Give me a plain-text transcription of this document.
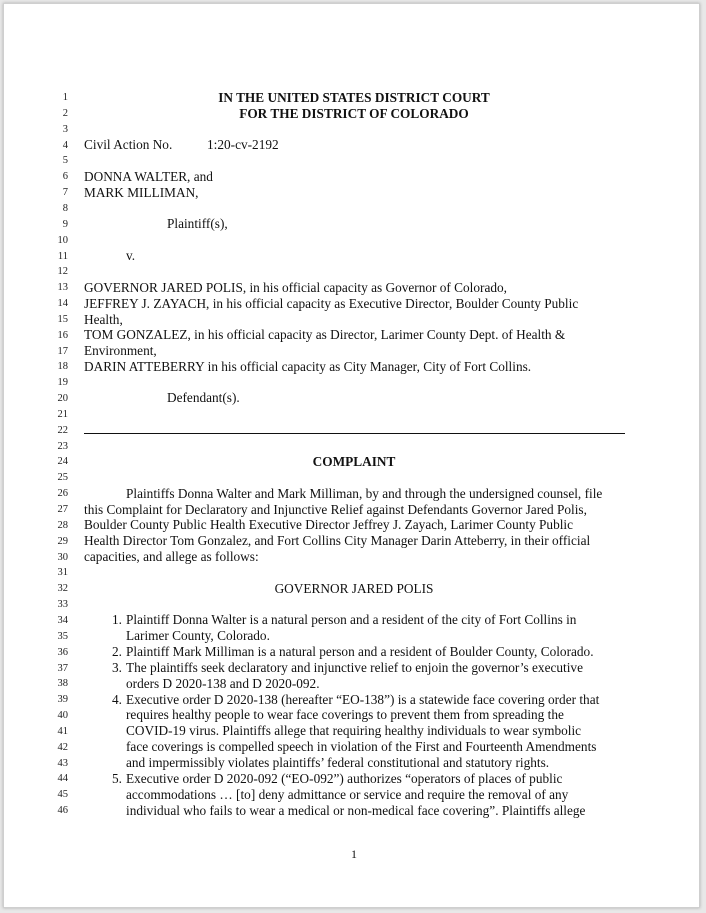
1
2
3
4
5
6
7
8
9
10
11
12
13
14
15
16
17
18
19
20
21
22
23
24
25
26
27
28
29
30
31
32
33
34
35
36
37
38
39
40
41
42
43
44
45
46
IN THE UNITED STATES DISTRICT COURT
FOR THE DISTRICT OF COLORADO
Civil Action No.	1:20-cv-2192
DONNA WALTER, and
MARK MILLIMAN,
Plaintiff(s),
v.
GOVERNOR JARED POLIS, in his official capacity as Governor of Colorado,
JEFFREY J. ZAYACH, in his official capacity as Executive Director, Boulder County Public
Health,
TOM GONZALEZ, in his official capacity as Director, Larimer County Dept. of Health &
Environment,
DARIN ATTEBERRY in his official capacity as City Manager, City of Fort Collins.
Defendant(s).
COMPLAINT
Plaintiffs Donna Walter and Mark Milliman, by and through the undersigned counsel, file
this Complaint for Declaratory and Injunctive Relief against Defendants Governor Jared Polis,
Boulder County Public Health Executive Director Jeffrey J. Zayach, Larimer County Public
Health Director Tom Gonzalez, and Fort Collins City Manager Darin Atteberry, in their official
capacities, and allege as follows:
GOVERNOR JARED POLIS
1. Plaintiff Donna Walter is a natural person and a resident of the city of Fort Collins in
Larimer County, Colorado.
2. Plaintiff Mark Milliman is a natural person and a resident of Boulder County, Colorado.
3. The plaintiffs seek declaratory and injunctive relief to enjoin the governor’s executive
orders D 2020-138 and D 2020-092.
4. Executive order D 2020-138 (hereafter “EO-138”) is a statewide face covering order that
requires healthy people to wear face coverings to prevent them from spreading the
COVID-19 virus. Plaintiffs allege that requiring healthy individuals to wear symbolic
face coverings is compelled speech in violation of the First and Fourteenth Amendments
and impermissibly violates plaintiffs’ federal constitutional and statutory rights.
5. Executive order D 2020-092 (“EO-092”) authorizes “operators of places of public
accommodations … [to] deny admittance or service and require the removal of any
individual who fails to wear a medical or non-medical face covering”. Plaintiffs allege
1
